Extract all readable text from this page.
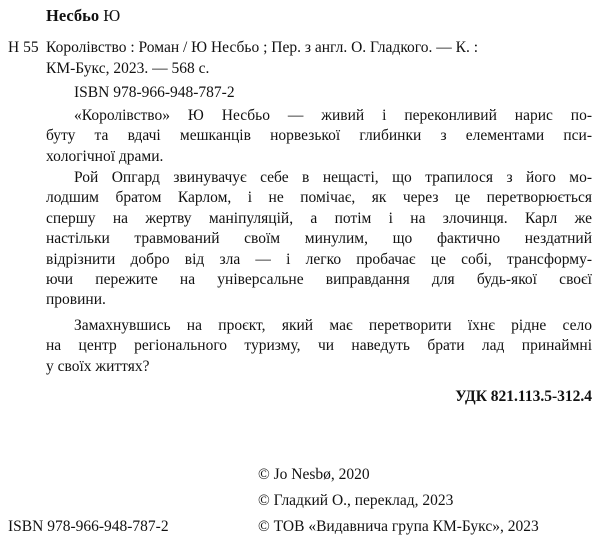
Несбьо Ю
Н 55 Королівство : Роман / Ю Несбьо ; Пер. з англ. О. Гладкого. — К. :
КМ-Букс, 2023. — 568 с.
ISBN 978-966-948-787-2
«Королівство» Ю Несбьо — живий і переконливий нарис по-
буту та вдачі мешканців норвезької глибинки з елементами пси-
хологічної драми.
Рой Опгард звинувачує себе в нещасті, що трапилося з його мо-
лодшим братом Карлом, і не помічає, як через це перетворюється
спершу на жертву маніпуляцій, а потім і на злочинця. Карл же
настільки травмований своїм минулим, що фактично нездатний
відрізнити добро від зла — і легко пробачає це собі, трансформу-
ючи пережите на універсальне виправдання для будь-якої своєї
провини.
Замахнувшись на проєкт, який має перетворити їхнє рідне село
на центр регіонального туризму, чи наведуть брати лад принаймні
у своїх життях?
УДК 821.113.5-312.4
© Jo Nesbø, 2020
© Гладкий О., переклад, 2023
© ТОВ «Видавнича група КМ-Букс», 2023
ISBN 978-966-948-787-2
